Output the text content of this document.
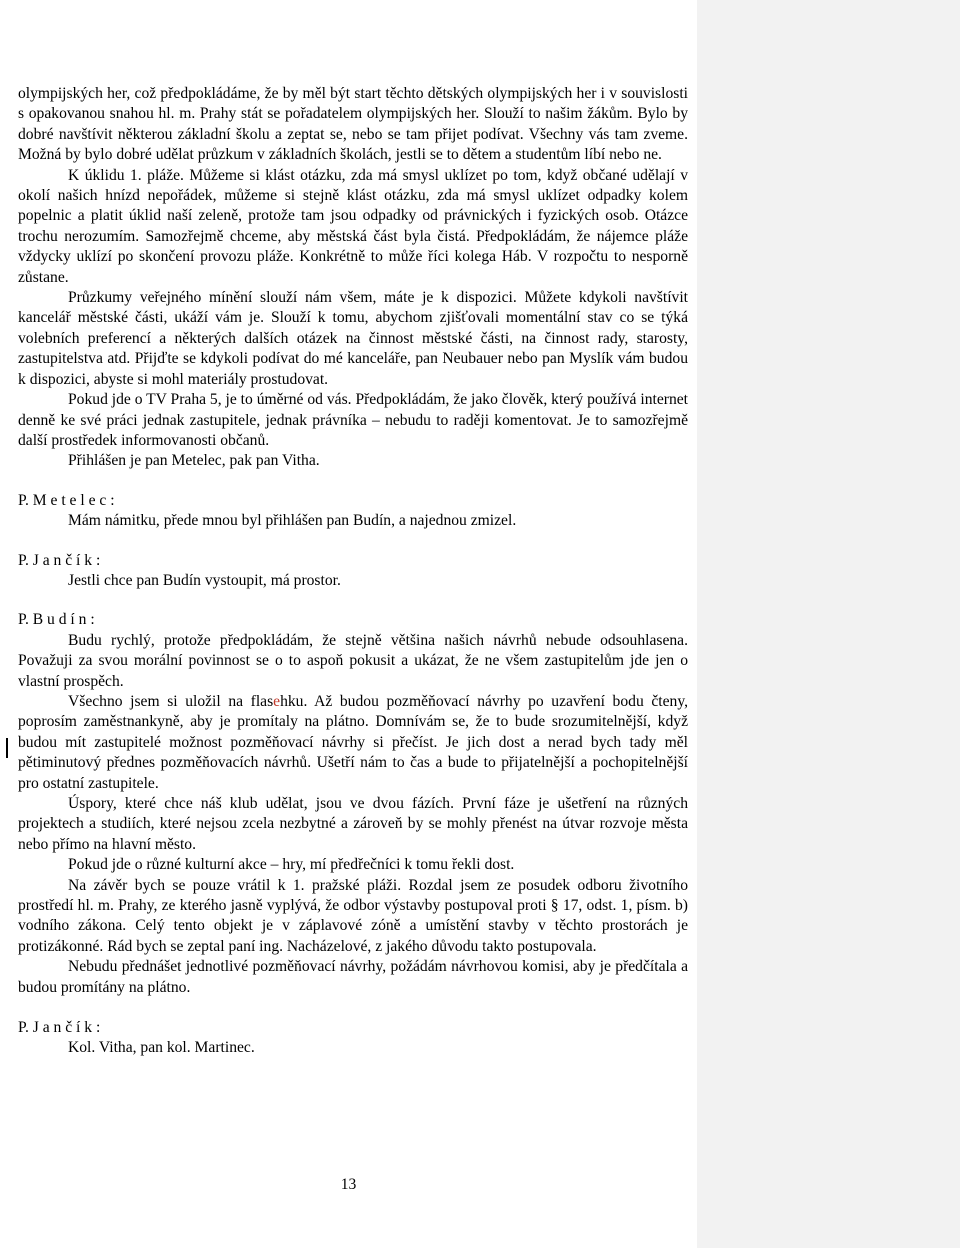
olympijských her, což předpokládáme, že by měl být start těchto dětských olympijských her i v souvislosti s opakovanou snahou hl. m. Prahy stát se pořadatelem olympijských her. Slouží to našim žákům. Bylo by dobré navštívit některou základní školu a zeptat se, nebo se tam přijet podívat. Všechny vás tam zveme. Možná by bylo dobré udělat průzkum v základních školách, jestli se to dětem a studentům líbí nebo ne.

K úklidu 1. pláže. Můžeme si klást otázku, zda má smysl uklízet po tom, když občané udělají v okolí našich hnízd nepořádek, můžeme si stejně klást otázku, zda má smysl uklízet odpadky kolem popelnic a platit úklid naší zeleně, protože tam jsou odpadky od právnických i fyzických osob. Otázce trochu nerozumím. Samozřejmě chceme, aby městská část byla čistá. Předpokládám, že nájemce pláže vždycky uklízí po skončení provozu pláže. Konkrétně to může říci kolega Háb. V rozpočtu to nesporně zůstane.

Průzkumy veřejného mínění slouží nám všem, máte je k dispozici. Můžete kdykoli navštívit kancelář městské části, ukáží vám je. Slouží k tomu, abychom zjišťovali momentální stav co se týká volebních preferencí a některých dalších otázek na činnost městské části, na činnost rady, starosty, zastupitelstva atd. Přijďte se kdykoli podívat do mé kanceláře, pan Neubauer nebo pan Myslík vám budou k dispozici, abyste si mohl materiály prostudovat.

Pokud jde o TV Praha 5, je to úměrné od vás. Předpokládám, že jako člověk, který používá internet denně ke své práci jednak zastupitele, jednak právníka – nebudu to raději komentovat. Je to samozřejmě další prostředek informovanosti občanů.

Přihlášen je pan Metelec, pak pan Vitha.

P. M e t e l e c :

Mám námitku, přede mnou byl přihlášen pan Budín, a najednou zmizel.

P. J a n č í k :

Jestli chce pan Budín vystoupit, má prostor.

P. B u d í n :

Budu rychlý, protože předpokládám, že stejně většina našich návrhů nebude odsouhlasena. Považuji za svou morální povinnost se o to aspoň pokusit a ukázat, že ne všem zastupitelům jde jen o vlastní prospěch.

Všechno jsem si uložil na flasehku. Až budou pozměňovací návrhy po uzavření bodu čteny, poprosím zaměstnankyně, aby je promítaly na plátno. Domnívám se, že to bude srozumitelnější, když budou mít zastupitelé možnost pozměňovací návrhy si přečíst. Je jich dost a nerad bych tady měl pětiminutový přednes pozměňovacích návrhů. Ušetří nám to čas a bude to přijatelnější a pochopitelnější pro ostatní zastupitele.

Úspory, které chce náš klub udělat, jsou ve dvou fázích. První fáze je ušetření na různých projektech a studiích, které nejsou zcela nezbytné a zároveň by se mohly přenést na útvar rozvoje města nebo přímo na hlavní město.

Pokud jde o různé kulturní akce – hry, mí předřečníci k tomu řekli dost.

Na závěr bych se pouze vrátil k 1. pražské pláži. Rozdal jsem ze posudek odboru životního prostředí hl. m. Prahy, ze kterého jasně vyplývá, že odbor výstavby postupoval proti § 17, odst. 1, písm. b) vodního zákona. Celý tento objekt je v záplavové zóně a umístění stavby v těchto prostorách je protizákonné. Rád bych se zeptal paní ing. Nacházelové, z jakého důvodu takto postupovala.

Nebudu přednášet jednotlivé pozměňovací návrhy, požádám návrhovou komisi, aby je předčítala a budou promítány na plátno.

P. J a n č í k :

Kol. Vitha, pan kol. Martinec.

13
